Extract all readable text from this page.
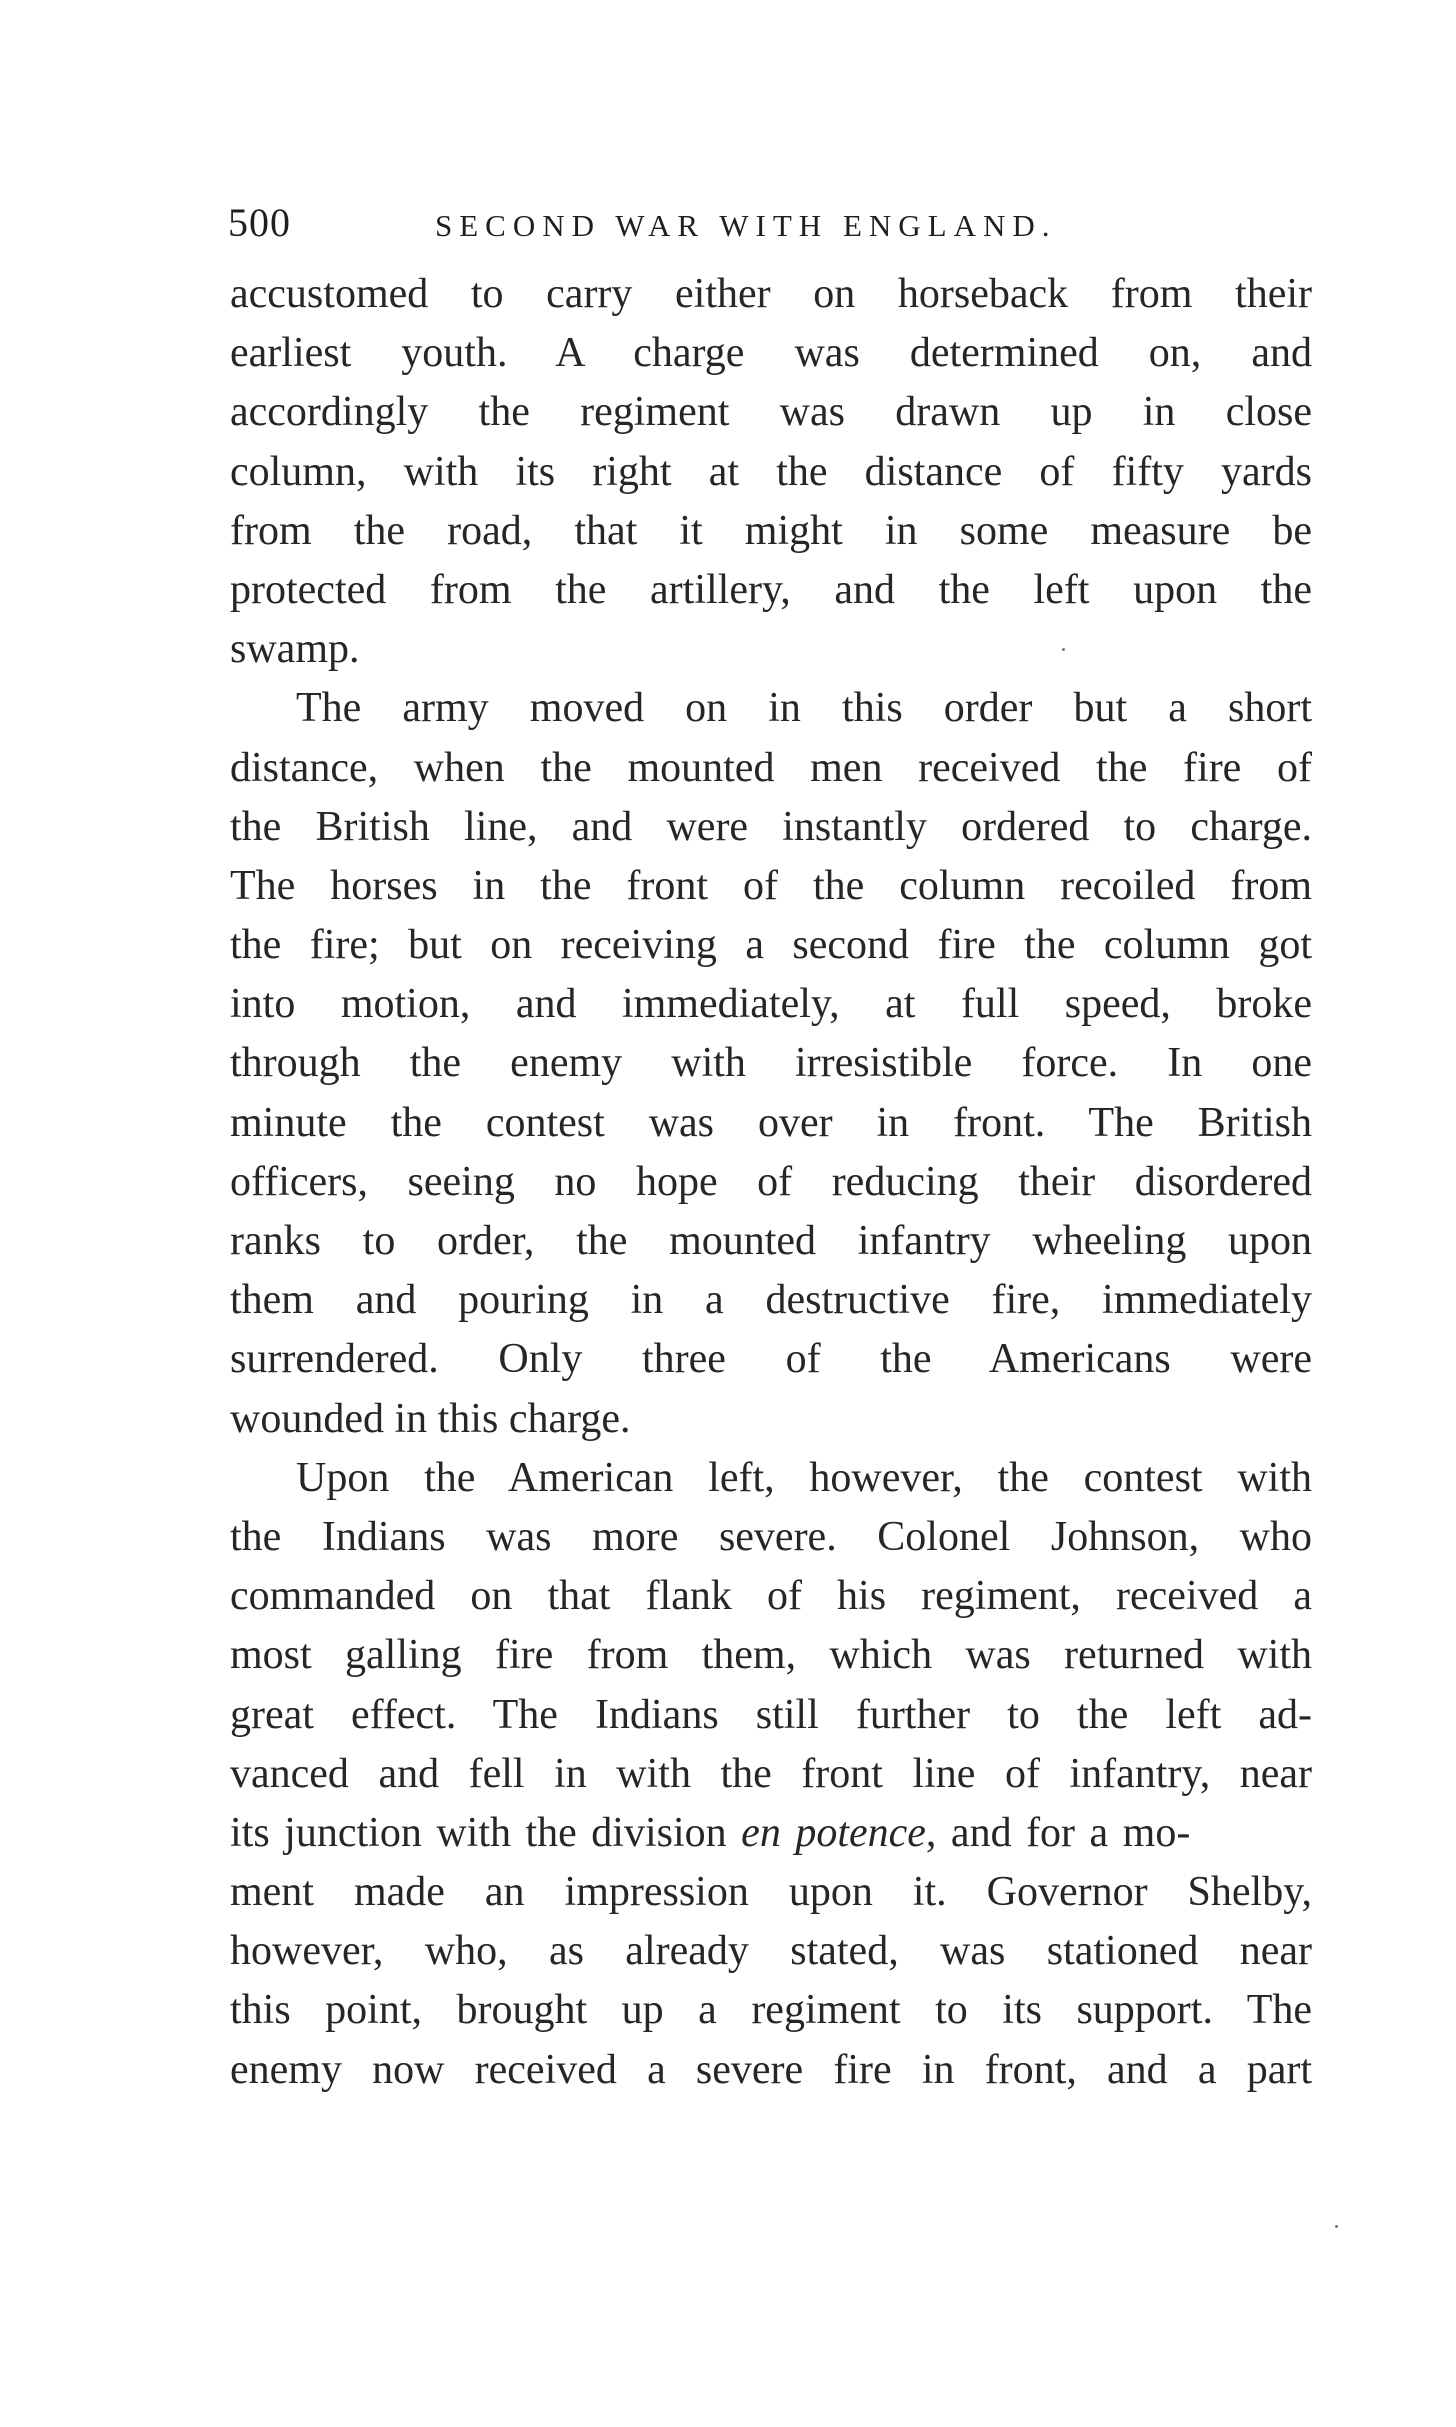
500	SECOND WAR WITH ENGLAND.
accustomed to carry either on horseback from their
earliest youth. A charge was determined on, and
accordingly the regiment was drawn up in close
column, with its right at the distance of fifty yards
from the road, that it might in some measure be
protected from the artillery, and the left upon the
swamp.
The army moved on in this order but a short
distance, when the mounted men received the fire of
the British line, and were instantly ordered to charge.
The horses in the front of the column recoiled from
the fire; but on receiving a second fire the column got
into motion, and immediately, at full speed, broke
through the enemy with irresistible force. In one
minute the contest was over in front. The British
officers, seeing no hope of reducing their disordered
ranks to order, the mounted infantry wheeling upon
them and pouring in a destructive fire, immediately
surrendered. Only three of the Americans were
wounded in this charge.
Upon the American left, however, the contest with
the Indians was more severe. Colonel Johnson, who
commanded on that flank of his regiment, received a
most galling fire from them, which was returned with
great effect. The Indians still further to the left ad-
vanced and fell in with the front line of infantry, near
its junction with the division en potence, and for a mo-
ment made an impression upon it. Governor Shelby,
however, who, as already stated, was stationed near
this point, brought up a regiment to its support. The
enemy now received a severe fire in front, and a part
